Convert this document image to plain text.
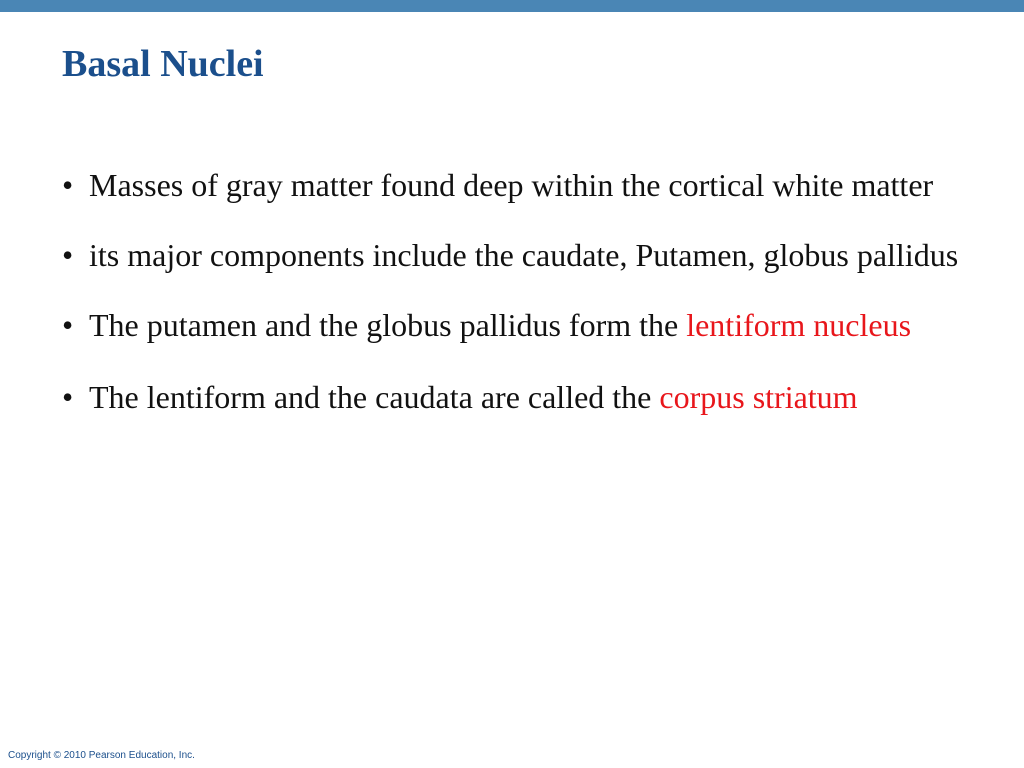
Basal Nuclei
• Masses of gray matter found deep within the cortical white matter
• its major components include the caudate, Putamen, globus pallidus
• The putamen and the globus pallidus form the lentiform nucleus
• The lentiform and the caudata are called the corpus striatum

Copyright © 2010 Pearson Education, Inc.
